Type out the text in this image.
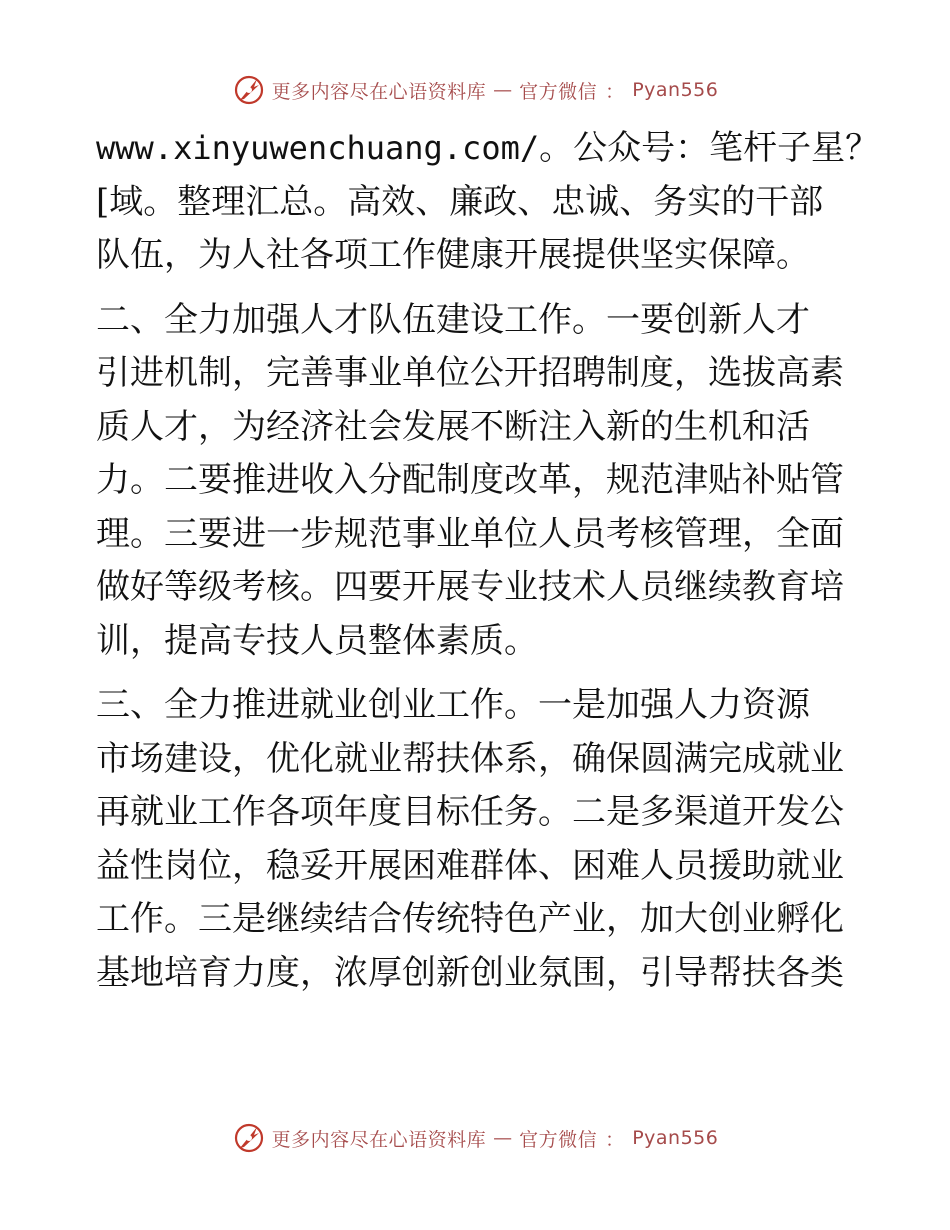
更多内容尽在心语资料库 — 官方微信 ： Pyan556
www.xinyuwenchuang.com/。公众号：笔杆子星？
[域。整理汇总。高效、廉政、忠诚、务实的干部
队伍，为人社各项工作健康开展提供坚实保障。
二、全力加强人才队伍建设工作。一要创新人才
引进机制，完善事业单位公开招聘制度，选拔高素
质人才，为经济社会发展不断注入新的生机和活
力。二要推进收入分配制度改革，规范津贴补贴管
理。三要进一步规范事业单位人员考核管理，全面
做好等级考核。四要开展专业技术人员继续教育培
训，提高专技人员整体素质。
三、全力推进就业创业工作。一是加强人力资源
市场建设，优化就业帮扶体系，确保圆满完成就业
再就业工作各项年度目标任务。二是多渠道开发公
益性岗位，稳妥开展困难群体、困难人员援助就业
工作。三是继续结合传统特色产业，加大创业孵化
基地培育力度，浓厚创新创业氛围，引导帮扶各类
更多内容尽在心语资料库 — 官方微信 ： Pyan556
